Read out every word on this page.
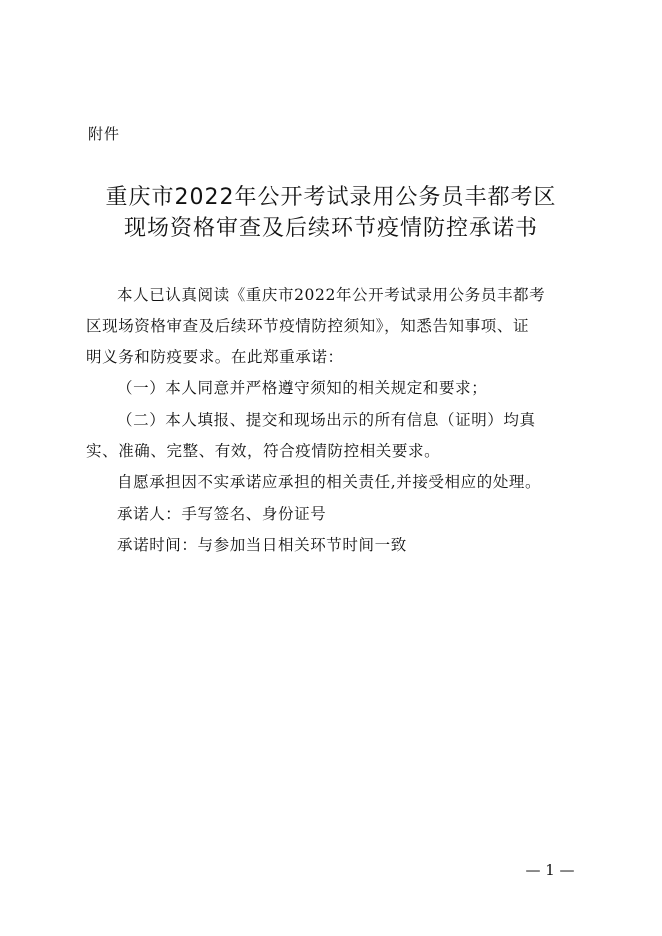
附件
重庆市2022年公开考试录用公务员丰都考区
现场资格审查及后续环节疫情防控承诺书
本人已认真阅读《重庆市2022年公开考试录用公务员丰都考
区现场资格审查及后续环节疫情防控须知》，知悉告知事项、证
明义务和防疫要求。在此郑重承诺：
（一）本人同意并严格遵守须知的相关规定和要求；
（二）本人填报、提交和现场出示的所有信息（证明）均真
实、准确、完整、有效，符合疫情防控相关要求。
自愿承担因不实承诺应承担的相关责任,并接受相应的处理。
承诺人：手写签名、身份证号
承诺时间：与参加当日相关环节时间一致
— 1 —
